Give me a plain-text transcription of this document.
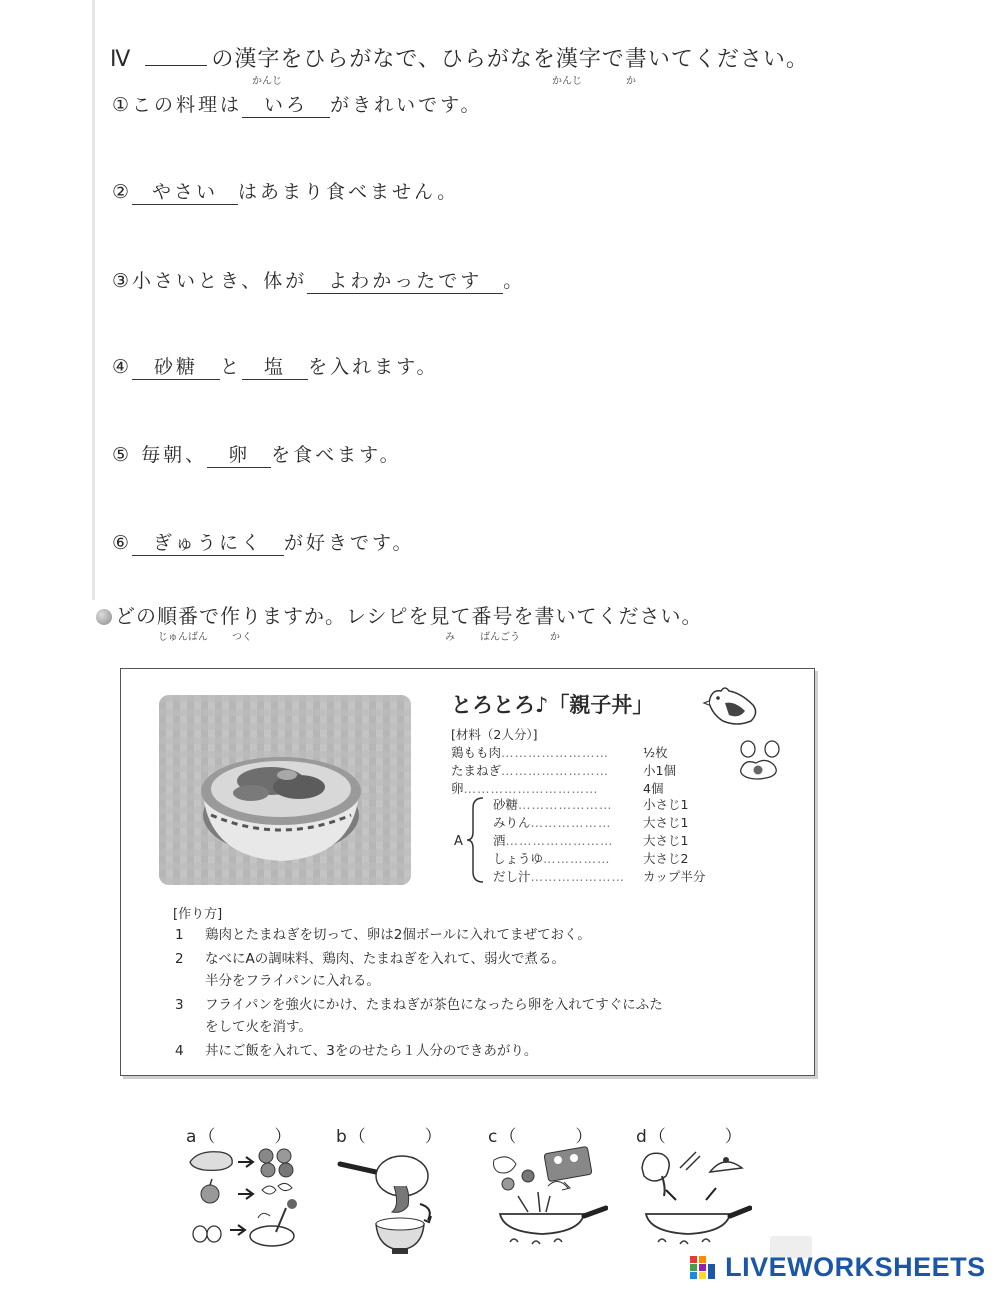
Ⅳ	の漢字をひらがなで、ひらがなを漢字で書いてください。
かんじ	かんじ	か
①この料理は いろ がきれいです。
② やさい はあまり食べません。
③小さいとき、体が よわかったです 。
④ 砂糖 と 塩 を入れます。
⑤ 毎朝、 卵 を食べます。
⑥ ぎゅうにく が好きです。
どの順番で作りますか。レシピを見て番号を書いてください。
じゅんばん つく	み	ばんごう	か
とろとろ♪「親子丼」
[材料（2人分）]
鶏もも肉……………………	½枚
たまねぎ……………………	小1個
卵…………………………	4個
A
砂糖………………… 小さじ1
みりん………………	大さじ1
酒…………………… 大さじ1
しょうゆ……………	大さじ2
だし汁………………… カップ半分
[作り方]
1 鶏肉とたまねぎを切って、卵は2個ボールに入れてまぜておく。
2 なべにAの調味料、鶏肉、たまねぎを入れて、弱火で煮る。
半分をフライパンに入れる。
3 フライパンを強火にかけ、たまねぎが茶色になったら卵を入れてすぐにふた
をして火を消す。
4 丼にご飯を入れて、3をのせたら１人分のできあがり。
a（　　　）	b（　　　）	c（　　　） d（　　　）
LIVEWORKSHEETS
